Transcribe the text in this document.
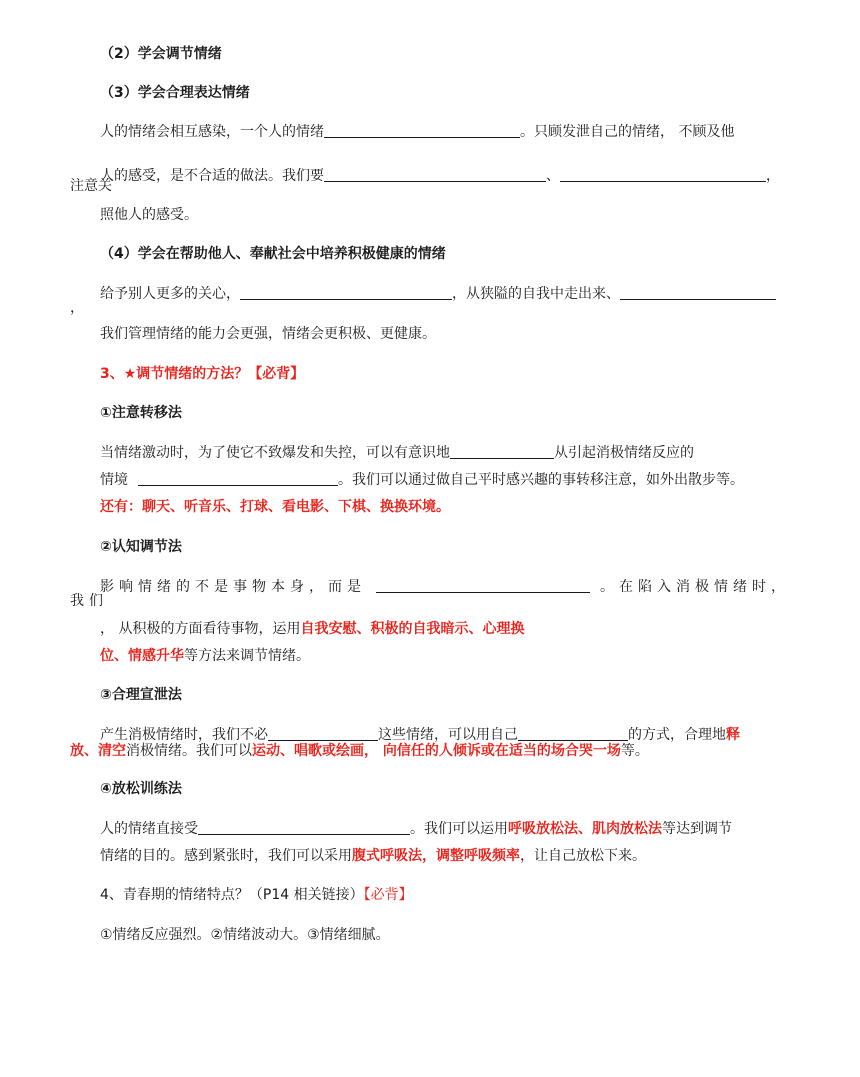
（2）学会调节情绪
（3）学会合理表达情绪
人的情绪会相互感染，一个人的情绪	。只顾发泄自己的情绪， 不顾及他
人的感受，是不合适的做法。我们要	、	，
注意关
照他人的感受。
（4）学会在帮助他人、奉献社会中培养积极健康的情绪
给予别人更多的关心，	，从狭隘的自我中走出来、
，
我们管理情绪的能力会更强，情绪会更积极、更健康。
3、★调节情绪的方法？【必背】
①注意转移法
当情绪激动时，为了使它不致爆发和失控，可以有意识地	从引起消极情绪反应的
情境	。我们可以通过做自己平时感兴趣的事转移注意，如外出散步等。
还有：聊天、听音乐、打球、看电影、下棋、换换环境。
②认知调节法
影响情绪的不是事物本身，而是	。在陷入消极情绪时，
我们
， 从积极的方面看待事物，运用自我安慰、积极的自我暗示、心理换
位、情感升华等方法来调节情绪。
③合理宣泄法
产生消极情绪时，我们不必	这些情绪，可以用自己	的方式，合理地释
放、清空消极情绪。我们可以运动、唱歌或绘画， 向信任的人倾诉或在适当的场合哭一场等。
④放松训练法
人的情绪直接受	。我们可以运用呼吸放松法、肌肉放松法等达到调节
情绪的目的。感到紧张时，我们可以采用腹式呼吸法，调整呼吸频率，让自己放松下来。
4、青春期的情绪特点？（P14 相关链接）【必背】
①情绪反应强烈。②情绪波动大。③情绪细腻。
